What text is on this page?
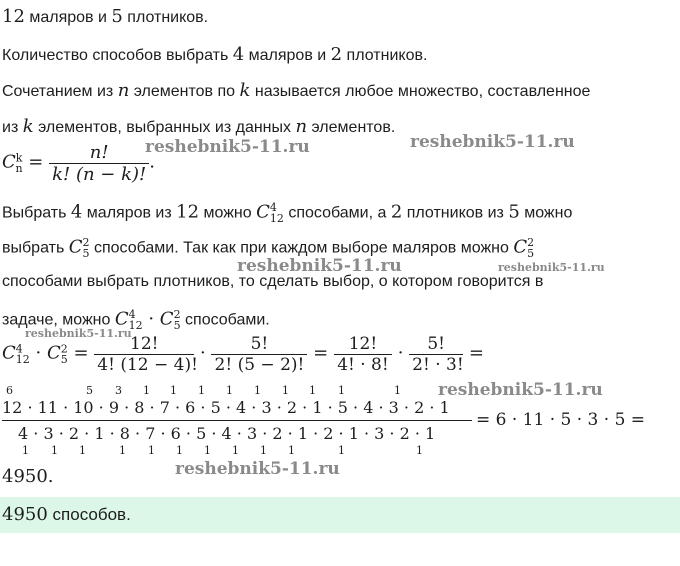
12 маляров и 5 плотников.
Количество способов выбрать 4 маляров и 2 плотников.
Сочетанием из n элементов по k называется любое множество, составленное
из k элементов, выбранных из данных n элементов.
$C^k_n = \frac{n!}{k! (n - k)!}$ .
Выбрать 4 маляров из 12 можно $C^4_{12}$ способами, а 2 плотников из 5 можно
выбрать $C^2_5$ способами. Так как при каждом выборе маляров можно $C^2_5$
способами выбрать плотников, то сделать выбор, о котором говорится в
задаче, можно $C^4_{12} \cdot C^2_5$ способами.
$C^4_{12} \cdot C^2_5 = \frac{12!}{4! (12 - 4)!} \cdot \frac{5!}{2! (5 - 2)!} = \frac{12!}{4! \cdot 8!} \cdot \frac{5!}{2! \cdot 3!}$ =
6	5 3 1 1 1 1 1 1 1 1	1
12 · 11 · 10 · 9 · 8 · 7 · 6 · 5 · 4 · 3 · 2 · 1 · 5 · 4 · 3 · 2 · 1
4 · 3 · 2 · 1 · 8 · 7 · 6 · 5 · 4 · 3 · 2 · 1 · 2 · 1 · 3 · 2 · 1
1 1 1	1 1 1 1 1 1 1	1	1
= 6 · 11 · 5 · 3 · 5 =
4950.
4950 способов.
reshebnik5-11.ru	reshebnik5-11.ru
reshebnik5-11.ru	reshebnik5-11.ru
reshebnik5-11.ru
reshebnik5-11.ru
reshebnik5-11.ru
